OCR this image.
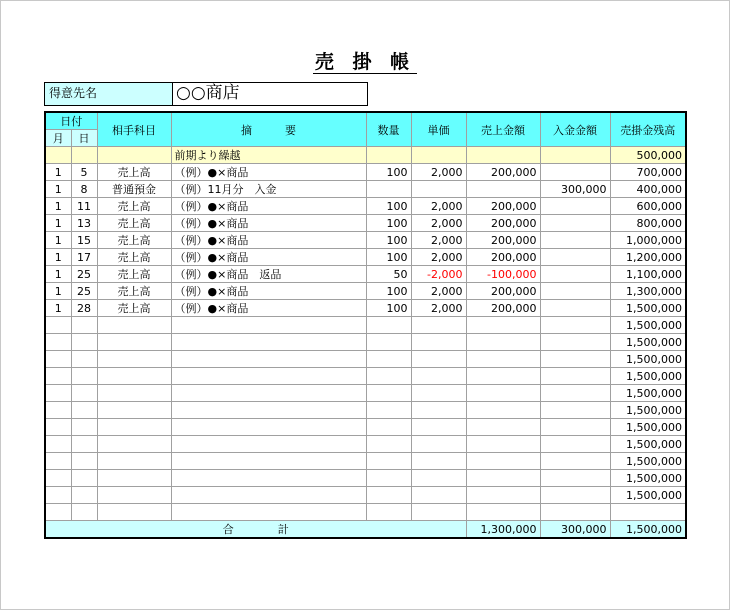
売 掛 帳
得意先名	○○商店
日付		相手科目	摘　　　要	数量	単価	売上金額	入金金額	売掛金残高
月	日							
			前期より繰越					500,000
1	5	売上高	（例）●×商品	100	2,000	200,000		700,000
1	8	普通預金	（例）11月分　入金				300,000	400,000
1	11	売上高	（例）●×商品	100	2,000	200,000		600,000
1	13	売上高	（例）●×商品	100	2,000	200,000		800,000
1	15	売上高	（例）●×商品	100	2,000	200,000		1,000,000
1	17	売上高	（例）●×商品	100	2,000	200,000		1,200,000
1	25	売上高	（例）●×商品　返品	50	-2,000	-100,000		1,100,000
1	25	売上高	（例）●×商品	100	2,000	200,000		1,300,000
1	28	売上高	（例）●×商品	100	2,000	200,000		1,500,000
								1,500,000
								1,500,000
								1,500,000
								1,500,000
								1,500,000
								1,500,000
								1,500,000
								1,500,000
								1,500,000
								1,500,000
								1,500,000

合　　　　計						1,300,000	300,000	1,500,000
